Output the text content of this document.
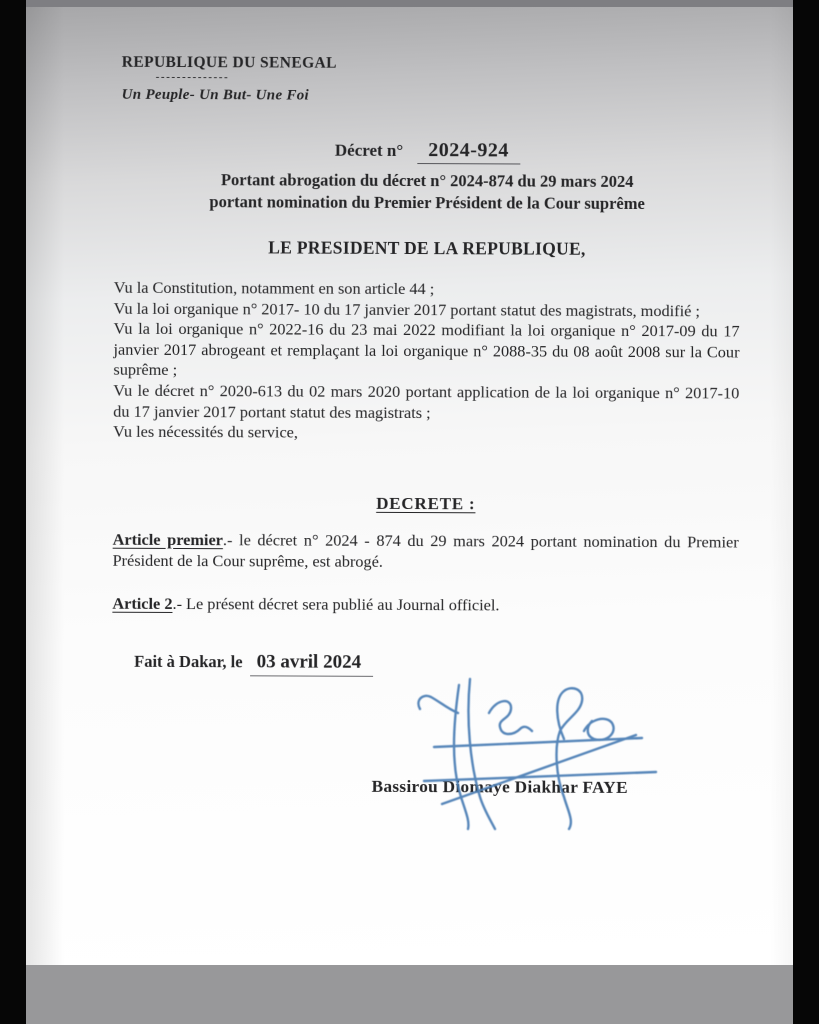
REPUBLIQUE DU SENEGAL
--------------
Un Peuple- Un But- Une Foi
Décret n° 2024-924
Portant abrogation du décret n° 2024-874 du 29 mars 2024
portant nomination du Premier Président de la Cour suprême
LE PRESIDENT DE LA REPUBLIQUE,

Vu la Constitution, notamment en son article 44 ;

Vu la loi organique n° 2017- 10 du 17 janvier 2017 portant statut des magistrats, modifié ;

Vu la loi organique n° 2022-16 du 23 mai 2022 modifiant la loi organique n° 2017-09 du 17 janvier 2017 abrogeant et remplaçant la loi organique n° 2088-35 du 08 août 2008 sur la Cour suprême ;

Vu le décret n° 2020-613 du 02 mars 2020 portant application de la loi organique n° 2017-10 du 17 janvier 2017 portant statut des magistrats ;

Vu les nécessités du service,

DECRETE :

Article premier.- le décret n° 2024 - 874 du 29 mars 2024 portant nomination du Premier Président de la Cour suprême, est abrogé.

Article 2.- Le présent décret sera publié au Journal officiel.

Fait à Dakar, le 03 avril 2024
Bassirou Diomaye Diakhar FAYE
